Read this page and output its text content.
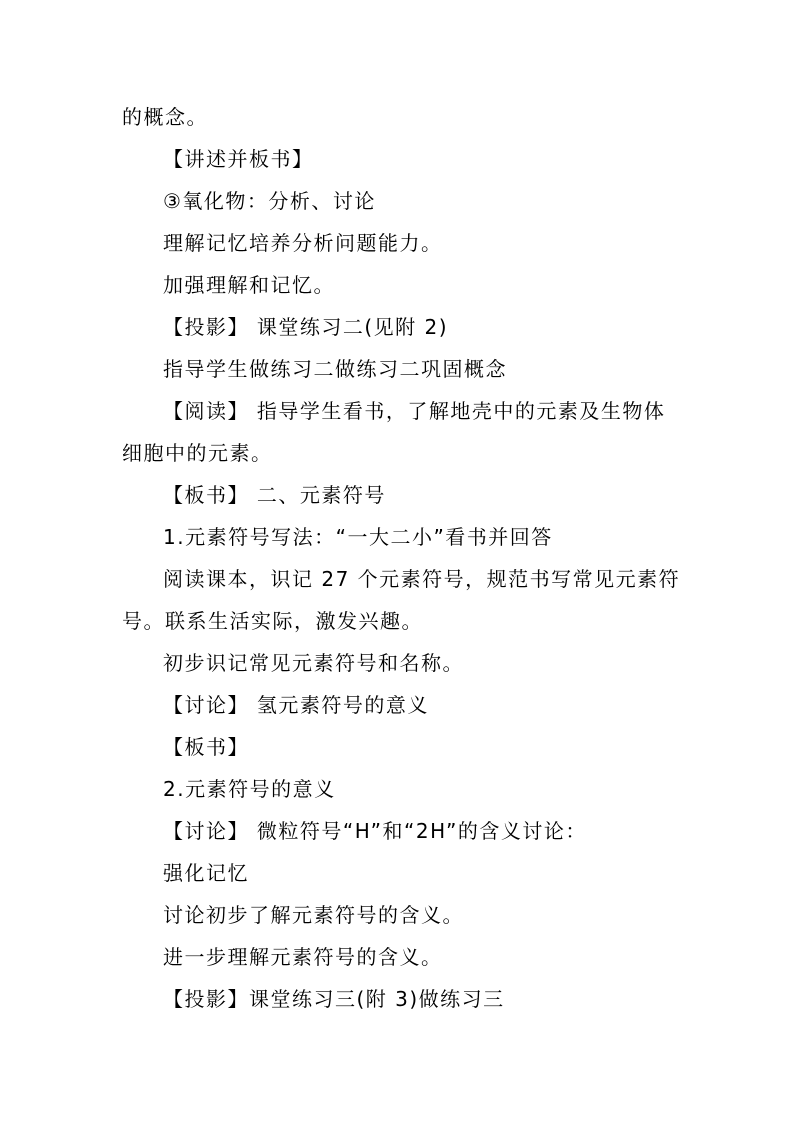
的概念。
【讲述并板书】
③氧化物：分析、讨论
理解记忆培养分析问题能力。
加强理解和记忆。
【投影】 课堂练习二(见附 2)
指导学生做练习二做练习二巩固概念
【阅读】 指导学生看书，了解地壳中的元素及生物体
细胞中的元素。
【板书】 二、元素符号
1.元素符号写法：“一大二小”看书并回答
阅读课本，识记 27 个元素符号，规范书写常见元素符
号。联系生活实际，激发兴趣。
初步识记常见元素符号和名称。
【讨论】 氢元素符号的意义
【板书】
2.元素符号的意义
【讨论】 微粒符号“H”和“2H”的含义讨论：
强化记忆
讨论初步了解元素符号的含义。
进一步理解元素符号的含义。
【投影】课堂练习三(附 3)做练习三
